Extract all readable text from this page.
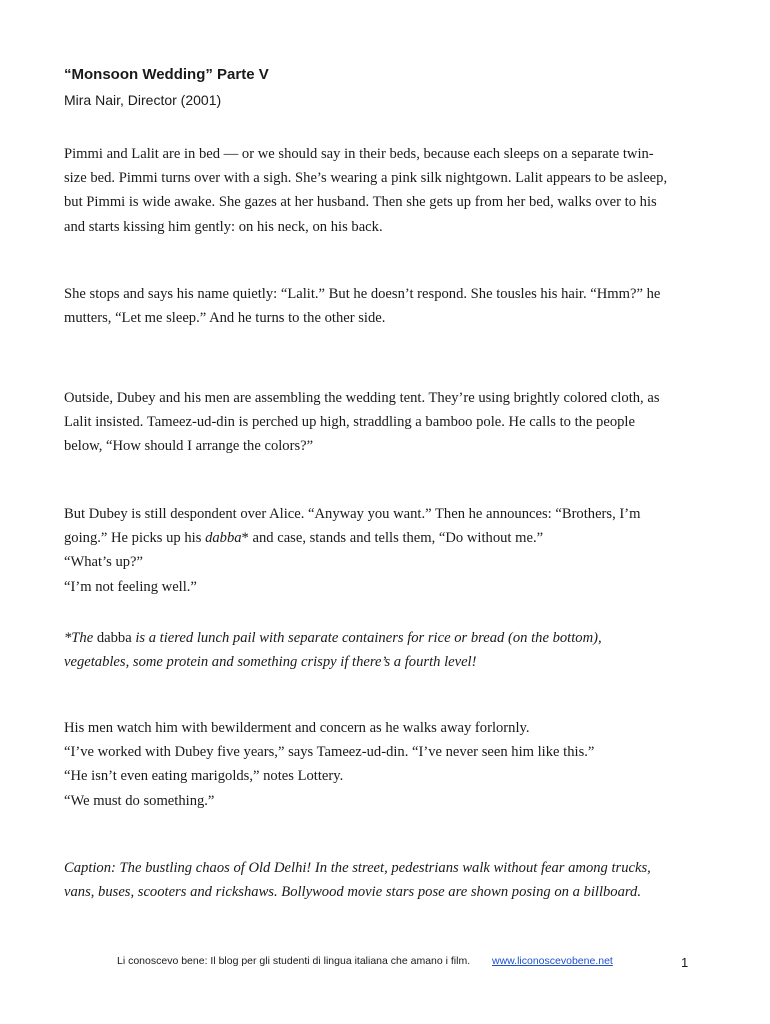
“Monsoon Wedding” Parte V

Mira Nair, Director (2001)

Pimmi and Lalit are in bed — or we should say in their beds, because each sleeps on a separate twin-
size bed. Pimmi turns over with a sigh. She’s wearing a pink silk nightgown. Lalit appears to be asleep,
but Pimmi is wide awake. She gazes at her husband. Then she gets up from her bed, walks over to his
and starts kissing him gently: on his neck, on his back.

She stops and says his name quietly: “Lalit.” But he doesn’t respond. She tousles his hair. “Hmm?” he
mutters, “Let me sleep.” And he turns to the other side.

Outside, Dubey and his men are assembling the wedding tent. They’re using brightly colored cloth, as
Lalit insisted. Tameez-ud-din is perched up high, straddling a bamboo pole. He calls to the people
below, “How should I arrange the colors?”

But Dubey is still despondent over Alice. “Anyway you want.” Then he announces: “Brothers, I’m
going.” He picks up his dabba* and case, stands and tells them, “Do without me.”
“What’s up?”
“I’m not feeling well.”

*The dabba is a tiered lunch pail with separate containers for rice or bread (on the bottom),
vegetables, some protein and something crispy if there’s a fourth level!

His men watch him with bewilderment and concern as he walks away forlornly.
“I’ve worked with Dubey five years,” says Tameez-ud-din. “I’ve never seen him like this.”
“He isn’t even eating marigolds,” notes Lottery.
“We must do something.”

Caption: The bustling chaos of Old Delhi! In the street, pedestrians walk without fear among trucks,
vans, buses, scooters and rickshaws. Bollywood movie stars pose are shown posing on a billboard.

Li conoscevo bene: Il blog per gli studenti di lingua italiana che amano i film. www.liconoscevobene.net	1
